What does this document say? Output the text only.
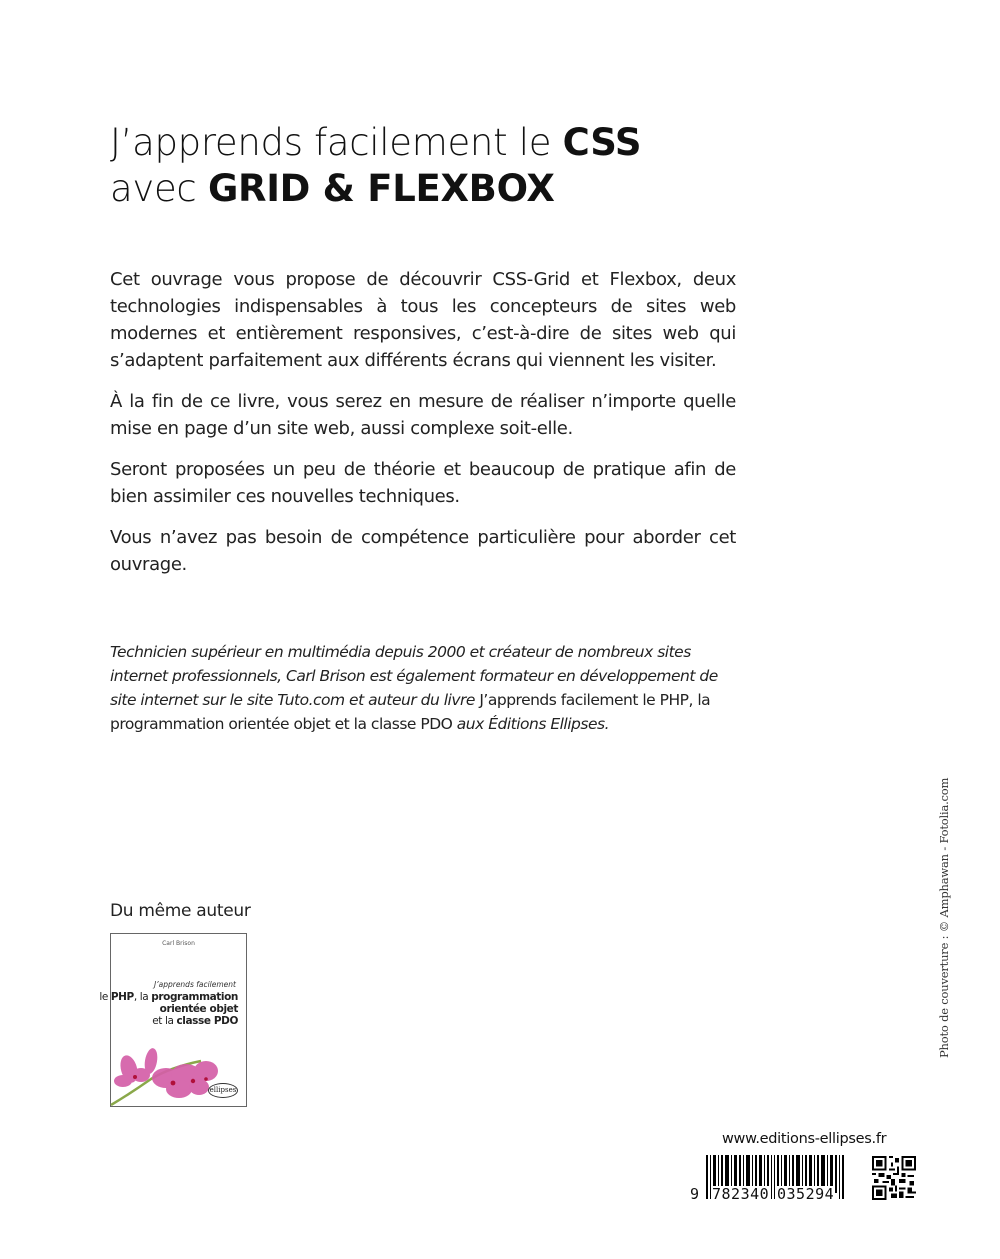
J’apprends facilement le CSS
avec GRID & FLEXBOX

Cet ouvrage vous propose de découvrir CSS-Grid et Flexbox, deux technologies indispensables à tous les concepteurs de sites web modernes et entièrement responsives, c’est-à-dire de sites web qui s’adaptent parfaitement aux différents écrans qui viennent les visiter.

À la fin de ce livre, vous serez en mesure de réaliser n’importe quelle mise en page d’un site web, aussi complexe soit-elle.

Seront proposées un peu de théorie et beaucoup de pratique afin de bien assimiler ces nouvelles techniques.

Vous n’avez pas besoin de compétence particulière pour aborder cet ouvrage.

Technicien supérieur en multimédia depuis 2000 et créateur de nombreux sites internet professionnels, Carl Brison est également formateur en développement de site internet sur le site Tuto.com et auteur du livre J’apprends facilement le PHP, la programmation orientée objet et la classe PDO aux Éditions Ellipses.
Du même auteur
Carl Brison
J’apprends facilement
le PHP, la programmation
orientée objet
et la classe PDO
ellipses
Photo de couverture : © Amphawan - Fotolia.com
www.editions-ellipses.fr
9 782340 035294
